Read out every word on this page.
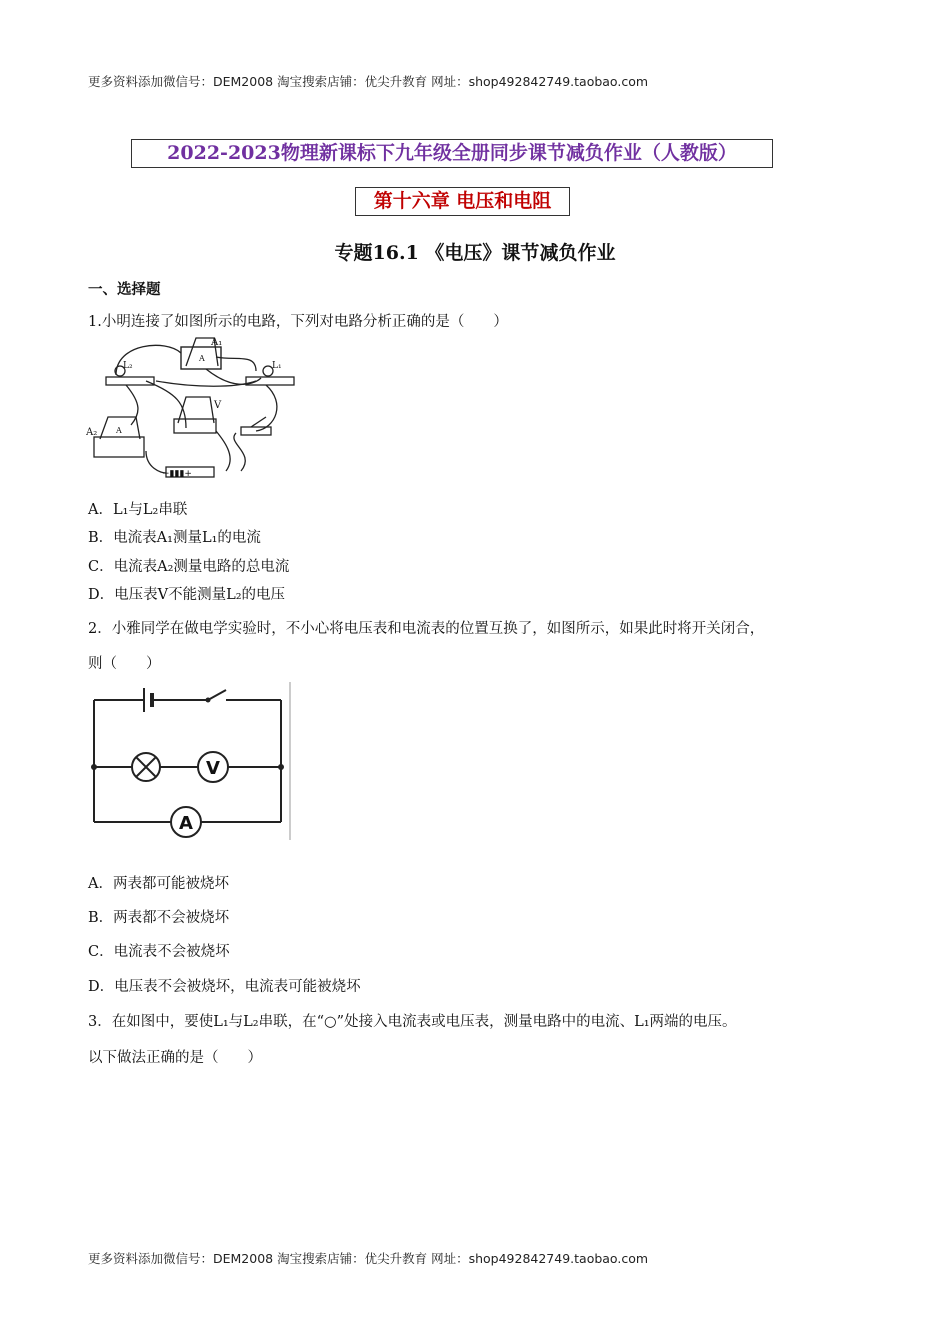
更多资料添加微信号：DEM2008 淘宝搜索店铺：优尖升教育 网址：shop492842749.taobao.com
2022-2023物理新课标下九年级全册同步课节减负作业（人教版）
第十六章 电压和电阻
专题16.1 《电压》课节减负作业
一、选择题
1.小明连接了如图所示的电路，下列对电路分析正确的是（　　）
A₁
L₂	L₁
A
V
A₂ A
−▮▮▮+
A．L₁与L₂串联
B．电流表A₁测量L₁的电流
C．电流表A₂测量电路的总电流
D．电压表V不能测量L₂的电压
2．小雅同学在做电学实验时，不小心将电压表和电流表的位置互换了，如图所示，如果此时将开关闭合，
则（　　）
V
A
A．两表都可能被烧坏
B．两表都不会被烧坏
C．电流表不会被烧坏
D．电压表不会被烧坏，电流表可能被烧坏
3．在如图中，要使L₁与L₂串联，在“○”处接入电流表或电压表，测量电路中的电流、L₁两端的电压。
以下做法正确的是（　　）
更多资料添加微信号：DEM2008 淘宝搜索店铺：优尖升教育 网址：shop492842749.taobao.com
